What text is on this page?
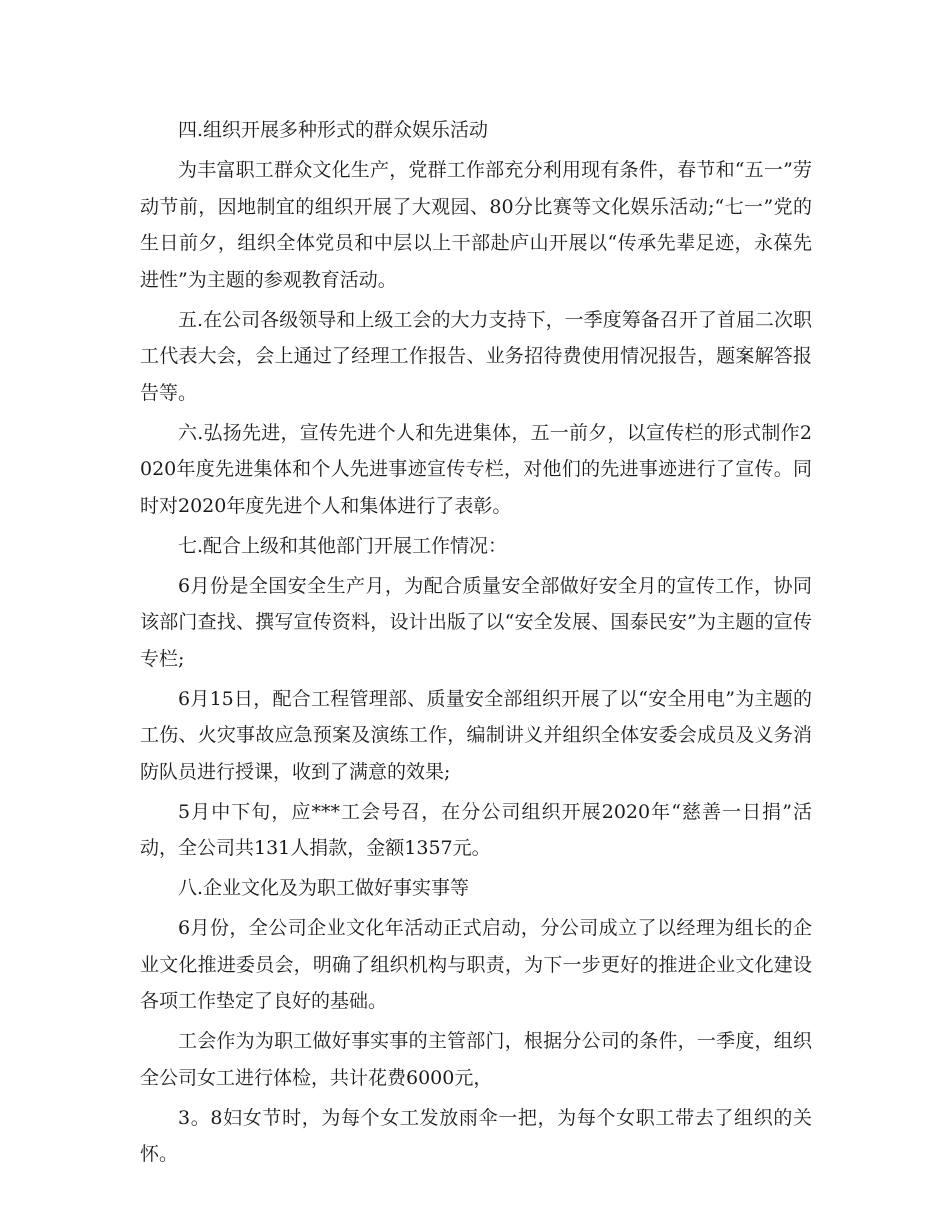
四.组织开展多种形式的群众娱乐活动

为丰富职工群众文化生产，党群工作部充分利用现有条件，春节和“五一”劳动节前，因地制宜的组织开展了大观园、80分比赛等文化娱乐活动;“七一”党的生日前夕，组织全体党员和中层以上干部赴庐山开展以“传承先辈足迹，永葆先进性”为主题的参观教育活动。

五.在公司各级领导和上级工会的大力支持下，一季度筹备召开了首届二次职工代表大会，会上通过了经理工作报告、业务招待费使用情况报告，题案解答报告等。

六.弘扬先进，宣传先进个人和先进集体，五一前夕，以宣传栏的形式制作2020年度先进集体和个人先进事迹宣传专栏，对他们的先进事迹进行了宣传。同时对2020年度先进个人和集体进行了表彰。

七.配合上级和其他部门开展工作情况：

6月份是全国安全生产月，为配合质量安全部做好安全月的宣传工作，协同该部门查找、撰写宣传资料，设计出版了以“安全发展、国泰民安”为主题的宣传专栏;

6月15日，配合工程管理部、质量安全部组织开展了以“安全用电”为主题的工伤、火灾事故应急预案及演练工作，编制讲义并组织全体安委会成员及义务消防队员进行授课，收到了满意的效果;

5月中下旬，应***工会号召，在分公司组织开展2020年“慈善一日捐”活动，全公司共131人捐款，金额1357元。

八.企业文化及为职工做好事实事等

6月份，全公司企业文化年活动正式启动，分公司成立了以经理为组长的企业文化推进委员会，明确了组织机构与职责，为下一步更好的推进企业文化建设各项工作垫定了良好的基础。

工会作为为职工做好事实事的主管部门，根据分公司的条件，一季度，组织全公司女工进行体检，共计花费6000元，

3。8妇女节时，为每个女工发放雨伞一把，为每个女职工带去了组织的关怀。
